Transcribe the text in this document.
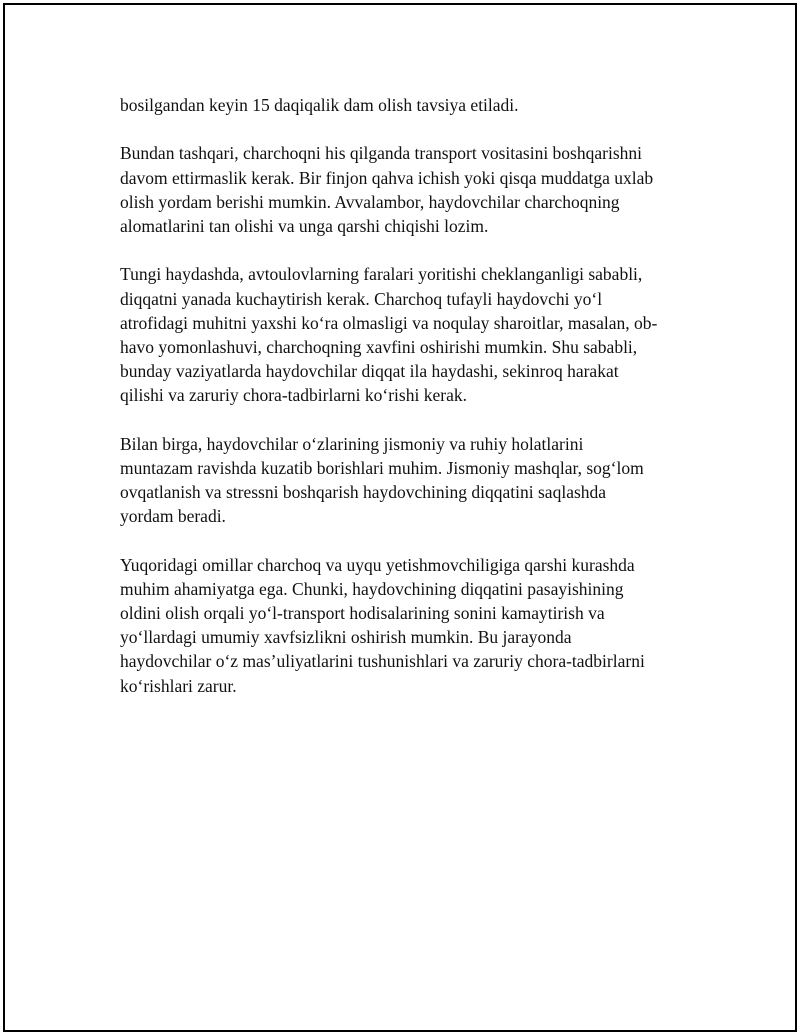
bosilgandan keyin 15 daqiqalik dam olish tavsiya etiladi.

Bundan tashqari, charchoqni his qilganda transport vositasini boshqarishni
davom ettirmaslik kerak. Bir finjon qahva ichish yoki qisqa muddatga uxlab
olish yordam berishi mumkin. Avvalambor, haydovchilar charchoqning
alomatlarini tan olishi va unga qarshi chiqishi lozim.

Tungi haydashda, avtoulovlarning faralari yoritishi cheklanganligi sababli,
diqqatni yanada kuchaytirish kerak. Charchoq tufayli haydovchi yo‘l
atrofidagi muhitni yaxshi ko‘ra olmasligi va noqulay sharoitlar, masalan, ob-
havo yomonlashuvi, charchoqning xavfini oshirishi mumkin. Shu sababli,
bunday vaziyatlarda haydovchilar diqqat ila haydashi, sekinroq harakat
qilishi va zaruriy chora-tadbirlarni ko‘rishi kerak.

Bilan birga, haydovchilar o‘zlarining jismoniy va ruhiy holatlarini
muntazam ravishda kuzatib borishlari muhim. Jismoniy mashqlar, sog‘lom
ovqatlanish va stressni boshqarish haydovchining diqqatini saqlashda
yordam beradi.

Yuqoridagi omillar charchoq va uyqu yetishmovchiligiga qarshi kurashda
muhim ahamiyatga ega. Chunki, haydovchining diqqatini pasayishining
oldini olish orqali yo‘l-transport hodisalarining sonini kamaytirish va
yo‘llardagi umumiy xavfsizlikni oshirish mumkin. Bu jarayonda
haydovchilar o‘z mas’uliyatlarini tushunishlari va zaruriy chora-tadbirlarni
ko‘rishlari zarur.
